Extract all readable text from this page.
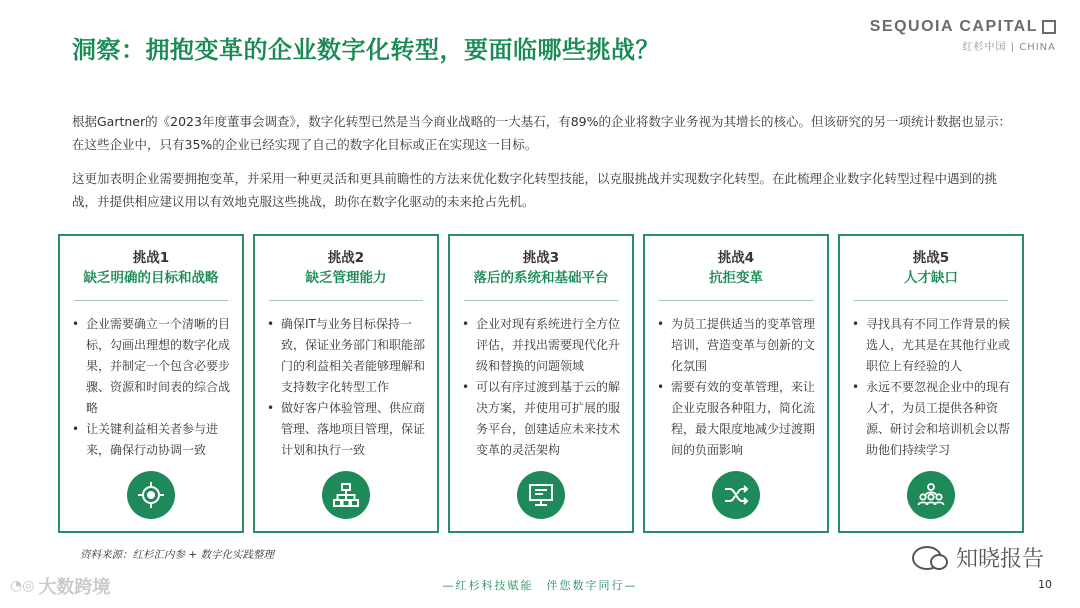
洞察：拥抱变革的企业数字化转型，要面临哪些挑战？
SEQUOIA CAPITAL
红杉中国 | CHINA

根据Gartner的《2023年度董事会调查》，数字化转型已然是当今商业战略的一大基石，有89%的企业将数字业务视为其增长的核心。但该研究的另一项统计数据也显示：在这些企业中，只有35%的企业已经实现了自己的数字化目标或正在实现这一目标。

这更加表明企业需要拥抱变革，并采用一种更灵活和更具前瞻性的方法来优化数字化转型技能，以克服挑战并实现数字化转型。在此梳理企业数字化转型过程中遇到的挑战，并提供相应建议用以有效地克服这些挑战，助你在数字化驱动的未来抢占先机。

挑战1
缺乏明确的目标和战略
• 企业需要确立一个清晰的目标，勾画出理想的数字化成果，并制定一个包含必要步骤、资源和时间表的综合战略
• 让关键利益相关者参与进来，确保行动协调一致
挑战2
缺乏管理能力
• 确保IT与业务目标保持一致，保证业务部门和职能部门的利益相关者能够理解和支持数字化转型工作
• 做好客户体验管理、供应商管理、落地项目管理，保证计划和执行一致
挑战3
落后的系统和基础平台
• 企业对现有系统进行全方位评估，并找出需要现代化升级和替换的问题领域
• 可以有序过渡到基于云的解决方案，并使用可扩展的服务平台，创建适应未来技术变革的灵活架构
挑战4
抗拒变革
• 为员工提供适当的变革管理培训，营造变革与创新的文化氛围
• 需要有效的变革管理，来让企业克服各种阻力，简化流程，最大限度地减少过渡期间的负面影响
挑战5
人才缺口
• 寻找具有不同工作背景的候选人，尤其是在其他行业或职位上有经验的人
• 永远不要忽视企业中的现有人才，为员工提供各种资源、研讨会和培训机会以帮助他们持续学习
资料来源：红杉汇内参 + 数字化实践整理
—红杉科技赋能　伴您数字同行—	10
◔◎ 大数跨境
知晓报告
